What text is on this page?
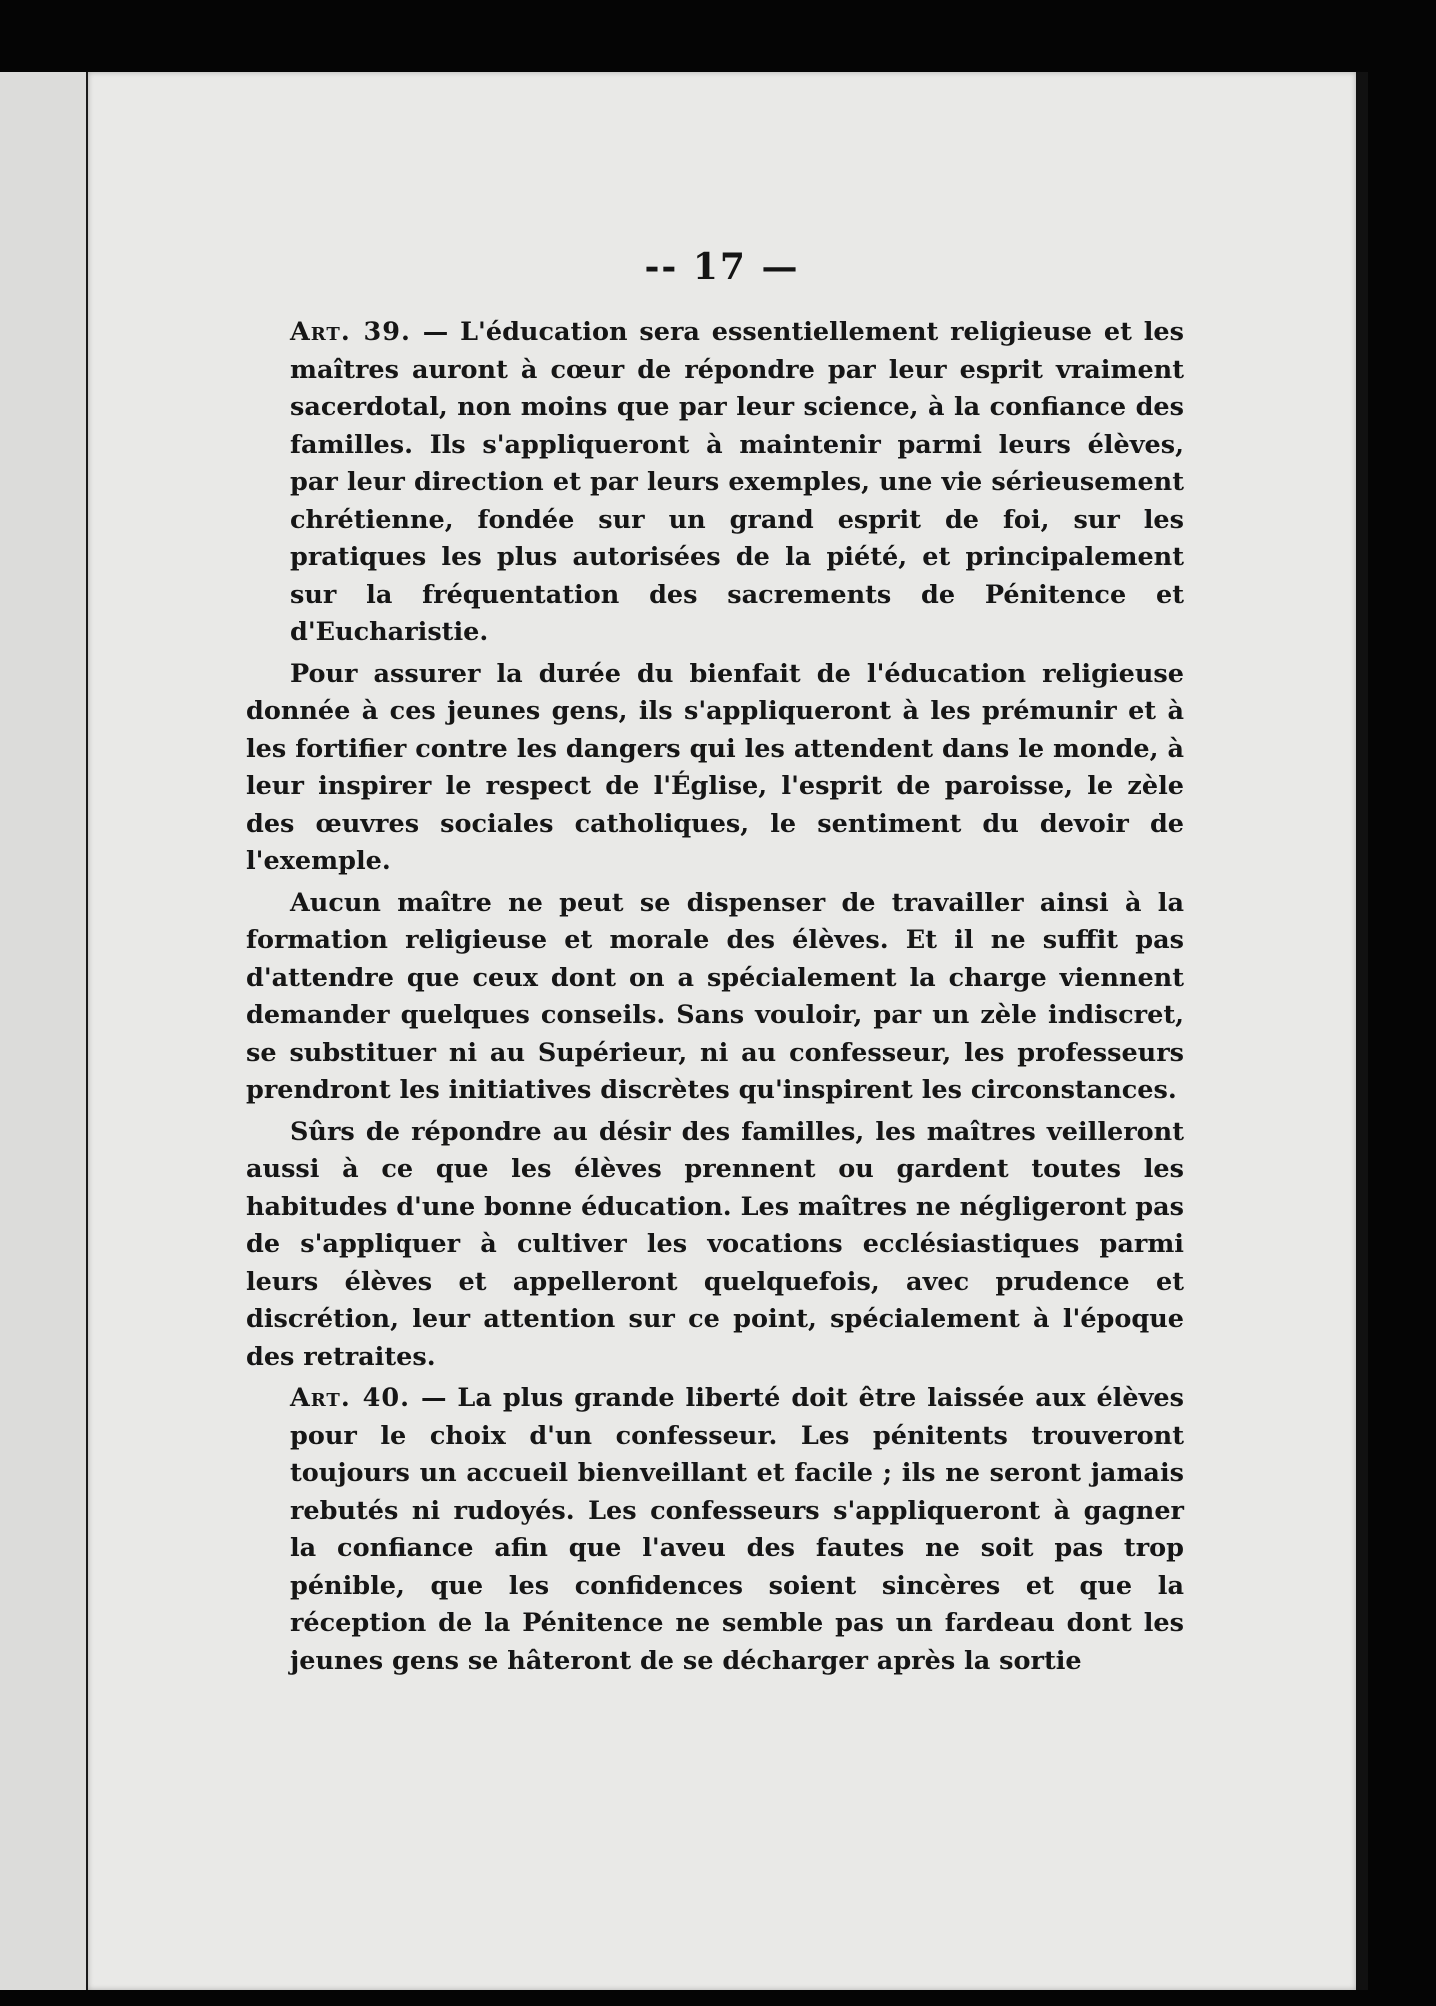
-- 17 —

Art. 39. — L'éducation sera essentiellement religieuse et les maîtres auront à cœur de répondre par leur esprit vraiment sacerdotal, non moins que par leur science, à la confiance des familles. Ils s'appliqueront à maintenir parmi leurs élèves, par leur direction et par leurs exemples, une vie sérieusement chrétienne, fondée sur un grand esprit de foi, sur les pratiques les plus autorisées de la piété, et principalement sur la fréquentation des sacrements de Pénitence et d'Eucharistie.

Pour assurer la durée du bienfait de l'éducation religieuse donnée à ces jeunes gens, ils s'appliqueront à les prémunir et à les fortifier contre les dangers qui les attendent dans le monde, à leur inspirer le respect de l'Église, l'esprit de paroisse, le zèle des œuvres sociales catholiques, le sentiment du devoir de l'exemple.

Aucun maître ne peut se dispenser de travailler ainsi à la formation religieuse et morale des élèves. Et il ne suffit pas d'attendre que ceux dont on a spécialement la charge viennent demander quelques conseils. Sans vouloir, par un zèle indiscret, se substituer ni au Supérieur, ni au confesseur, les professeurs prendront les initiatives discrètes qu'inspirent les circonstances.

Sûrs de répondre au désir des familles, les maîtres veilleront aussi à ce que les élèves prennent ou gardent toutes les habitudes d'une bonne éducation. Les maîtres ne négligeront pas de s'appliquer à cultiver les vocations ecclésiastiques parmi leurs élèves et appelleront quelquefois, avec prudence et discrétion, leur attention sur ce point, spécialement à l'époque des retraites.

Art. 40. — La plus grande liberté doit être laissée aux élèves pour le choix d'un confesseur. Les pénitents trouveront toujours un accueil bienveillant et facile ; ils ne seront jamais rebutés ni rudoyés. Les confesseurs s'appliqueront à gagner la confiance afin que l'aveu des fautes ne soit pas trop pénible, que les confidences soient sincères et que la réception de la Pénitence ne semble pas un fardeau dont les jeunes gens se hâteront de se décharger après la sortie
